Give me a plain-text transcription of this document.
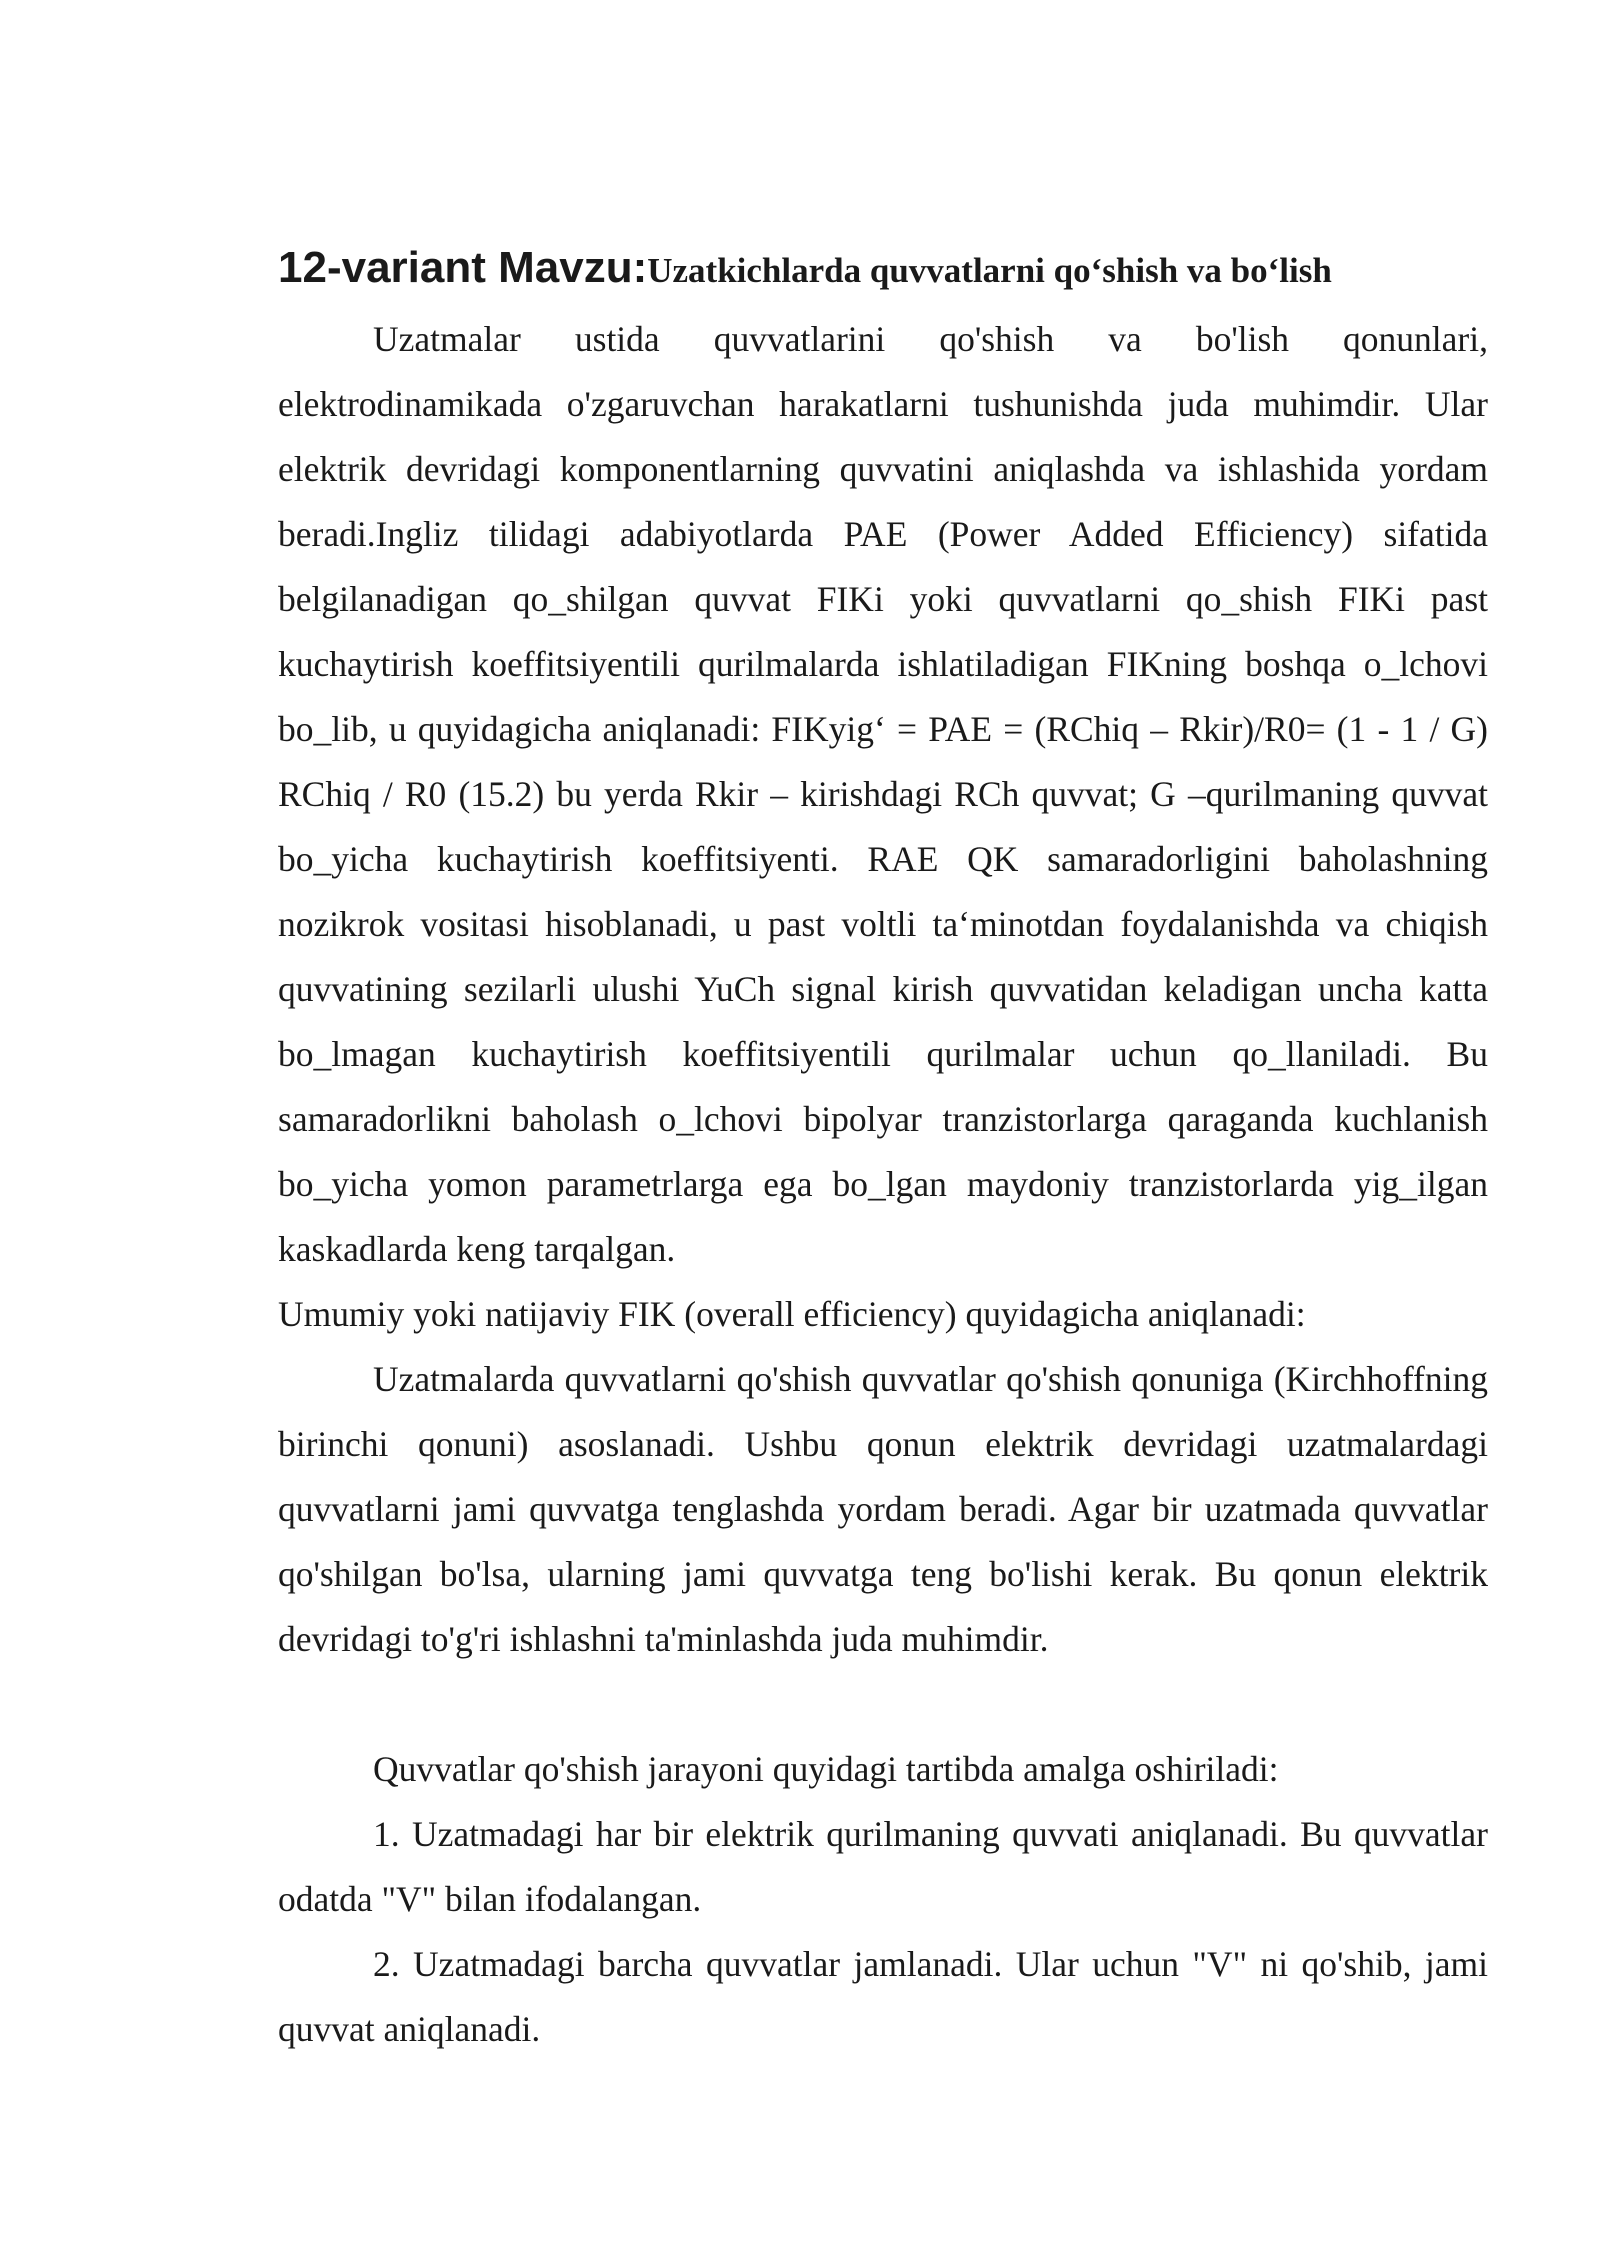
12-variant Mavzu:Uzatkichlarda quvvatlarni qo‘shish va bo‘lish

Uzatmalar ustida quvvatlarini qo'shish va bo'lish qonunlari, elektrodinamikada o'zgaruvchan harakatlarni tushunishda juda muhimdir. Ular elektrik devridagi komponentlarning quvvatini aniqlashda va ishlashida yordam beradi.Ingliz tilidagi adabiyotlarda PAE (Power Added Efficiency) sifatida belgilanadigan qo_shilgan quvvat FIKi yoki quvvatlarni qo_shish FIKi past kuchaytirish koeffitsiyentili qurilmalarda ishlatiladigan FIKning boshqa o_lchovi bo_lib, u quyidagicha aniqlanadi: FIKyig‘ = PAE = (RChiq – Rkir)/R0= (1 - 1 / G) RChiq / R0 (15.2) bu yerda Rkir – kirishdagi RCh quvvat; G –qurilmaning quvvat bo_yicha kuchaytirish koeffitsiyenti. RAE QK samaradorligini baholashning nozikrok vositasi hisoblanadi, u past voltli ta‘minotdan foydalanishda va chiqish quvvatining sezilarli ulushi YuCh signal kirish quvvatidan keladigan uncha katta bo_lmagan kuchaytirish koeffitsiyentili qurilmalar uchun qo_llaniladi. Bu samaradorlikni baholash o_lchovi bipolyar tranzistorlarga qaraganda kuchlanish bo_yicha yomon parametrlarga ega bo_lgan maydoniy tranzistorlarda yig_ilgan kaskadlarda keng tarqalgan.

Umumiy yoki natijaviy FIK (overall efficiency) quyidagicha aniqlanadi:

Uzatmalarda quvvatlarni qo'shish quvvatlar qo'shish qonuniga (Kirchhoffning birinchi qonuni) asoslanadi. Ushbu qonun elektrik devridagi uzatmalardagi quvvatlarni jami quvvatga tenglashda yordam beradi. Agar bir uzatmada quvvatlar qo'shilgan bo'lsa, ularning jami quvvatga teng bo'lishi kerak. Bu qonun elektrik devridagi to'g'ri ishlashni ta'minlashda juda muhimdir.

Quvvatlar qo'shish jarayoni quyidagi tartibda amalga oshiriladi:

1. Uzatmadagi har bir elektrik qurilmaning quvvati aniqlanadi. Bu quvvatlar odatda "V" bilan ifodalangan.

2. Uzatmadagi barcha quvvatlar jamlanadi. Ular uchun "V" ni qo'shib, jami quvvat aniqlanadi.
